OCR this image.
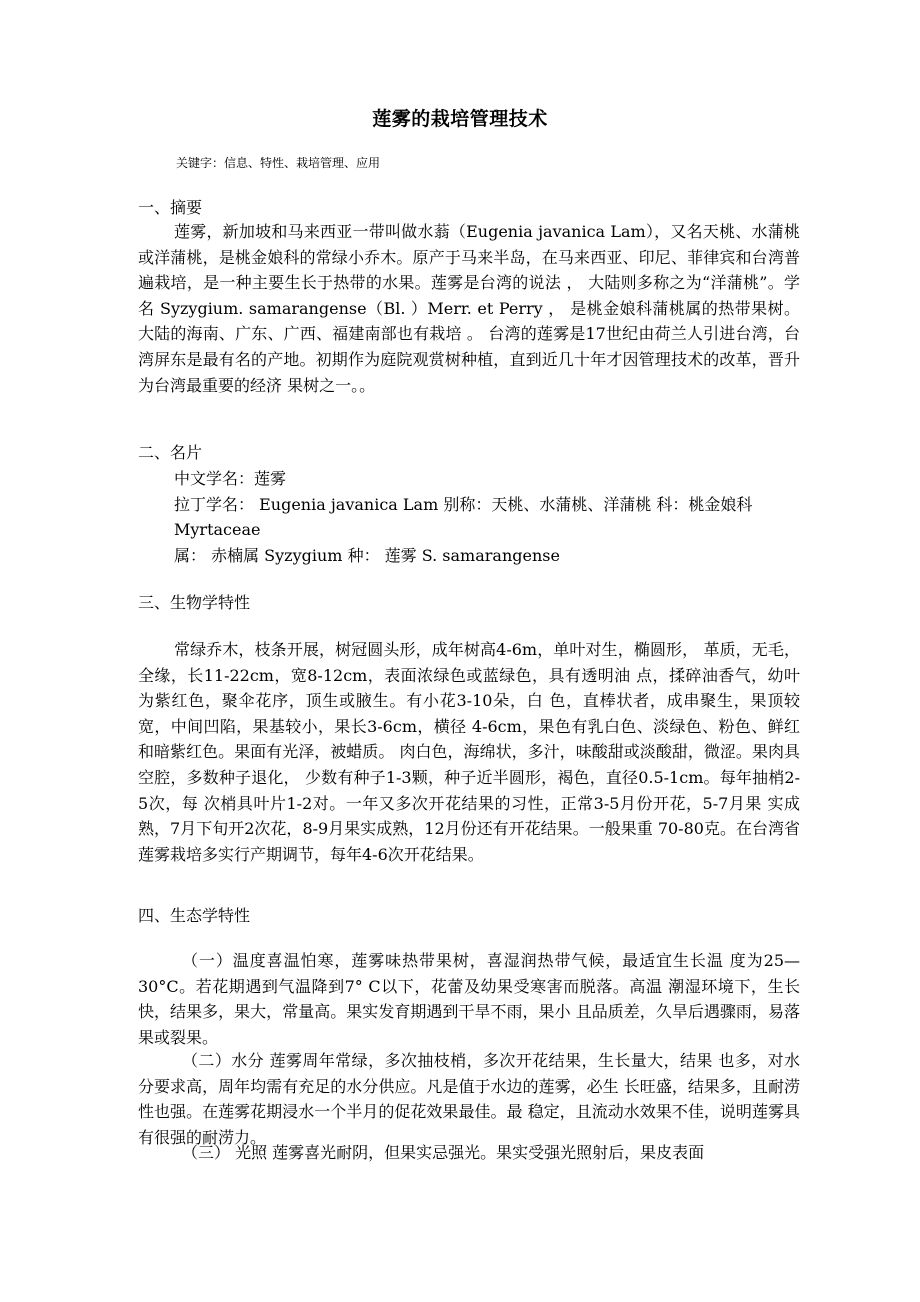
莲雾的栽培管理技术
关键字：信息、特性、栽培管理、应用
一、摘要
莲雾，新加坡和马来西亚一带叫做水蓊（Eugenia javanica Lam），又名天桃、水蒲桃或洋蒲桃，是桃金娘科的常绿小乔木。原产于马来半岛，在马来西亚、印尼、菲律宾和台湾普遍栽培，是一种主要生长于热带的水果。莲雾是台湾的说法 ， 大陆则多称之为“洋蒲桃”。学名 Syzygium. samarangense（Bl. ）Merr. et Perry ， 是桃金娘科蒲桃属的热带果树。大陆的海南、广东、广西、福建南部也有栽培 。 台湾的莲雾是17世纪由荷兰人引进台湾，台湾屏东是最有名的产地。初期作为庭院观赏树种植，直到近几十年才因管理技术的改革，晋升为台湾最重要的经济 果树之一。。
二、名片
中文学名：莲雾
拉丁学名： Eugenia javanica Lam 别称：天桃、水蒲桃、洋蒲桃 科：桃金娘科Myrtaceae
属： 赤楠属 Syzygium 种： 莲雾 S. samarangense
三、生物学特性
常绿乔木，枝条开展，树冠圆头形，成年树高4-6m，单叶对生，椭圆形， 革质，无毛，全缘，长11-22cm，宽8-12cm，表面浓绿色或蓝绿色，具有透明油 点，揉碎油香气，幼叶为紫红色，聚伞花序，顶生或腋生。有小花3-10朵，白 色，直棒状者，成串聚生，果顶较宽，中间凹陷，果基较小，果长3-6cm，横径 4-6cm，果色有乳白色、淡绿色、粉色、鲜红和暗紫红色。果面有光泽，被蜡质。 肉白色，海绵状，多汁，味酸甜或淡酸甜，微涩。果肉具空腔，多数种子退化， 少数有种子1-3颗，种子近半圆形，褐色，直径0.5-1cm。每年抽梢2-5次，每 次梢具叶片1-2对。一年又多次开花结果的习性，正常3-5月份开花，5-7月果 实成熟，7月下旬开2次花，8-9月果实成熟，12月份还有开花结果。一般果重 70-80克。在台湾省莲雾栽培多实行产期调节，每年4-6次开花结果。
四、生态学特性
（一）温度喜温怕寒，莲雾味热带果树，喜湿润热带气候，最适宜生长温 度为25—30°C。若花期遇到气温降到7° C以下，花蕾及幼果受寒害而脱落。高温 潮湿环境下，生长快，结果多，果大，常量高。果实发育期遇到干旱不雨，果小 且品质差，久旱后遇骤雨，易落果或裂果。
（二）水分 莲雾周年常绿，多次抽枝梢，多次开花结果，生长量大，结果 也多，对水分要求高，周年均需有充足的水分供应。凡是值于水边的莲雾，必生 长旺盛，结果多，且耐涝性也强。在莲雾花期浸水一个半月的促花效果最佳。最 稳定，且流动水效果不佳，说明莲雾具有很强的耐涝力。
（三） 光照 莲雾喜光耐阴，但果实忌强光。果实受强光照射后，果皮表面
